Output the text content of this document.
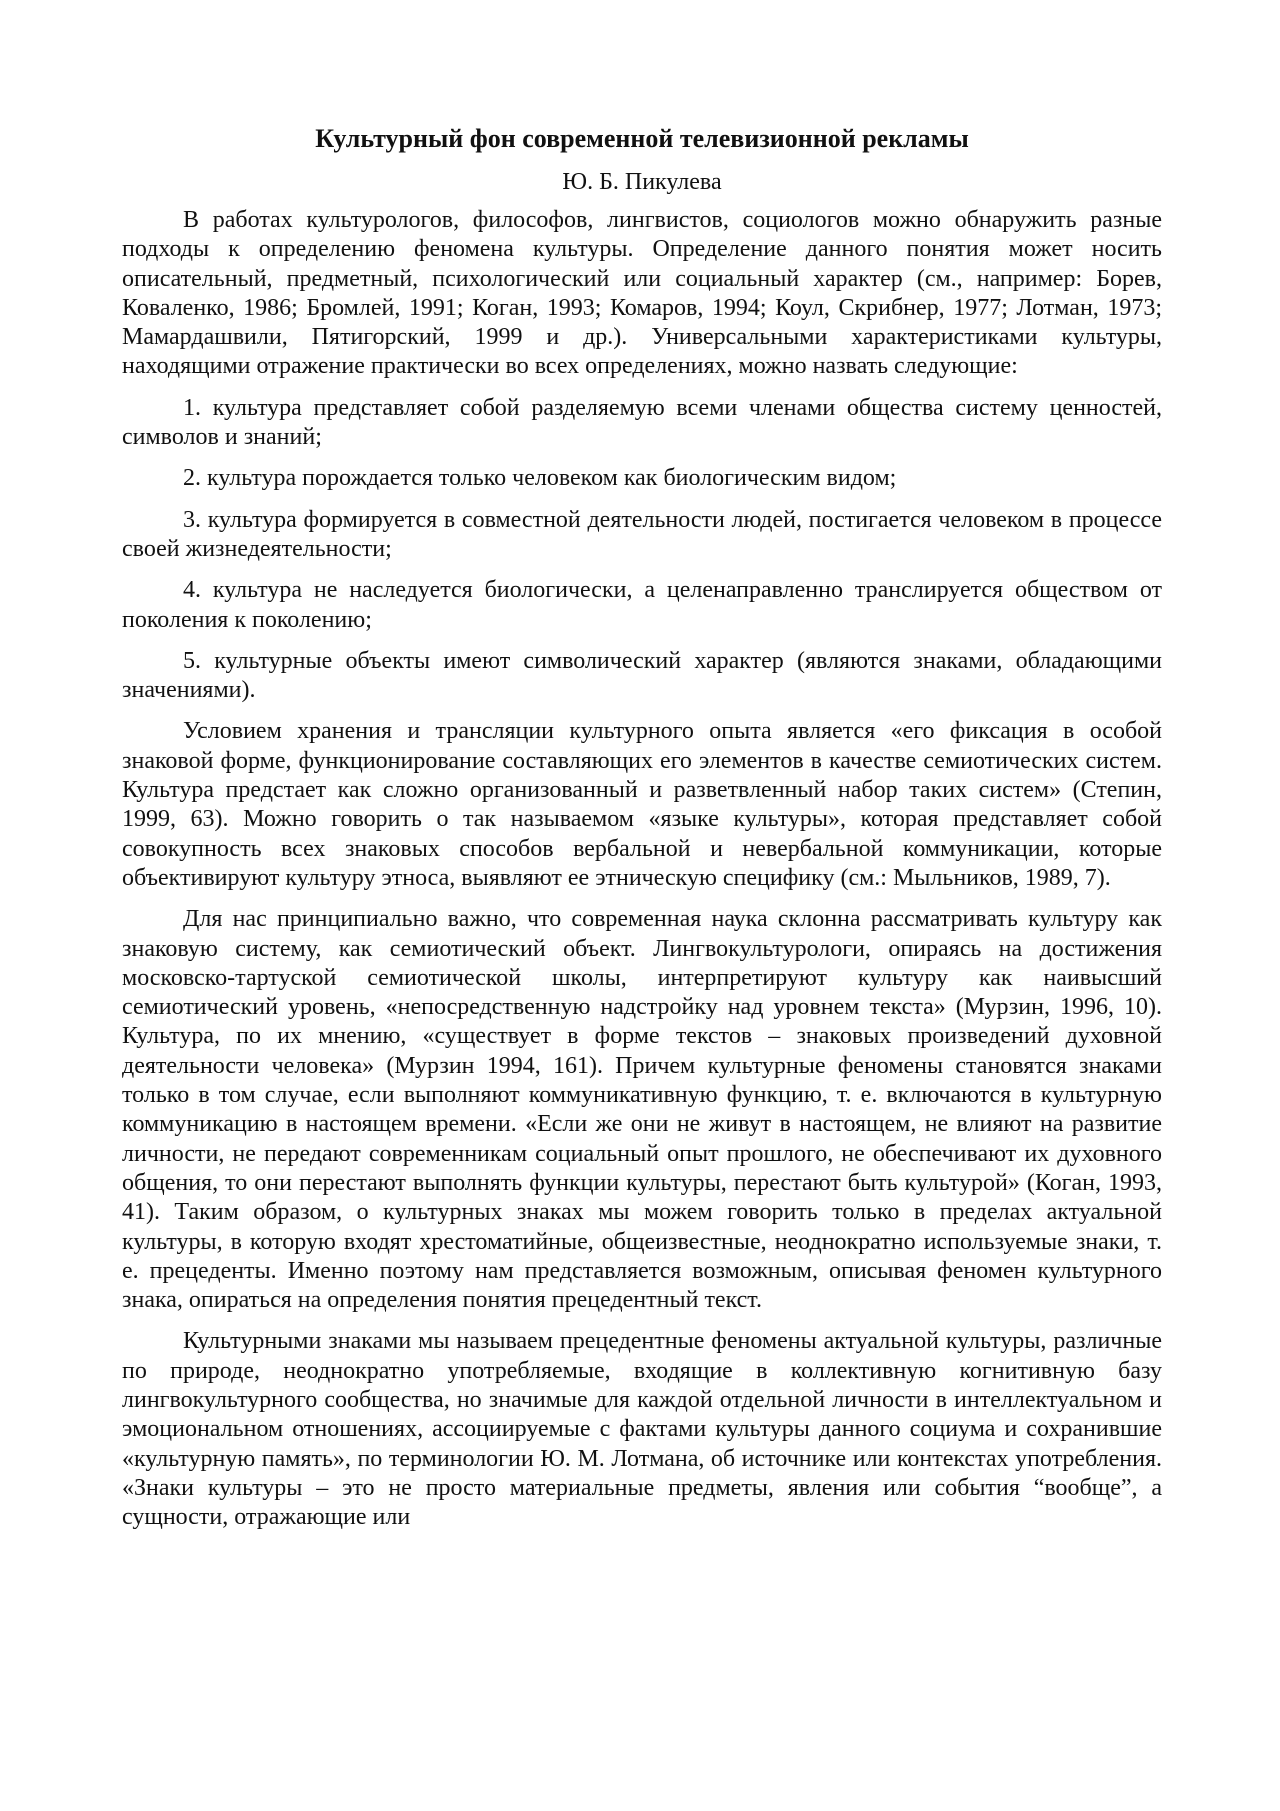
Культурный фон современной телевизионной рекламы
Ю. Б. Пикулева

В работах культурологов, философов, лингвистов, социологов можно обнаружить разные подходы к определению феномена культуры. Определение данного понятия может носить описательный, предметный, психологический или социальный характер (см., например: Борев, Коваленко, 1986; Бромлей, 1991; Коган, 1993; Комаров, 1994; Коул, Скрибнер, 1977; Лотман, 1973; Мамардашвили, Пятигорский, 1999 и др.). Универсальными характеристиками культуры, находящими отражение практически во всех определениях, можно назвать следующие:

1. культура представляет собой разделяемую всеми членами общества систему ценностей, символов и знаний;

2. культура порождается только человеком как биологическим видом;

3. культура формируется в совместной деятельности людей, постигается человеком в процессе своей жизнедеятельности;

4. культура не наследуется биологически, а целенаправленно транслируется обществом от поколения к поколению;

5. культурные объекты имеют символический характер (являются знаками, обладающими значениями).

Условием хранения и трансляции культурного опыта является «его фиксация в особой знаковой форме, функционирование составляющих его элементов в качестве семиотических систем. Культура предстает как сложно организованный и разветвленный набор таких систем» (Степин, 1999, 63). Можно говорить о так называемом «языке культуры», которая представляет собой совокупность всех знаковых способов вербальной и невербальной коммуникации, которые объективируют культуру этноса, выявляют ее этническую специфику (см.: Мыльников, 1989, 7).

Для нас принципиально важно, что современная наука склонна рассматривать культуру как знаковую систему, как семиотический объект. Лингвокультурологи, опираясь на достижения московско-тартуской семиотической школы, интерпретируют культуру как наивысший семиотический уровень, «непосредственную надстройку над уровнем текста» (Мурзин, 1996, 10). Культура, по их мнению, «существует в форме текстов – знаковых произведений духовной деятельности человека» (Мурзин 1994, 161). Причем культурные феномены становятся знаками только в том случае, если выполняют коммуникативную функцию, т. е. включаются в культурную коммуникацию в настоящем времени. «Если же они не живут в настоящем, не влияют на развитие личности, не передают современникам социальный опыт прошлого, не обеспечивают их духовного общения, то они перестают выполнять функции культуры, перестают быть культурой» (Коган, 1993, 41). Таким образом, о культурных знаках мы можем говорить только в пределах актуальной культуры, в которую входят хрестоматийные, общеизвестные, неоднократно используемые знаки, т. е. прецеденты. Именно поэтому нам представляется возможным, описывая феномен культурного знака, опираться на определения понятия прецедентный текст.

Культурными знаками мы называем прецедентные феномены актуальной культуры, различные по природе, неоднократно употребляемые, входящие в коллективную когнитивную базу лингвокультурного сообщества, но значимые для каждой отдельной личности в интеллектуальном и эмоциональном отношениях, ассоциируемые с фактами культуры данного социума и сохранившие «культурную память», по терминологии Ю. М. Лотмана, об источнике или контекстах употребления. «Знаки культуры – это не просто материальные предметы, явления или события “вообще”, а сущности, отражающие или
